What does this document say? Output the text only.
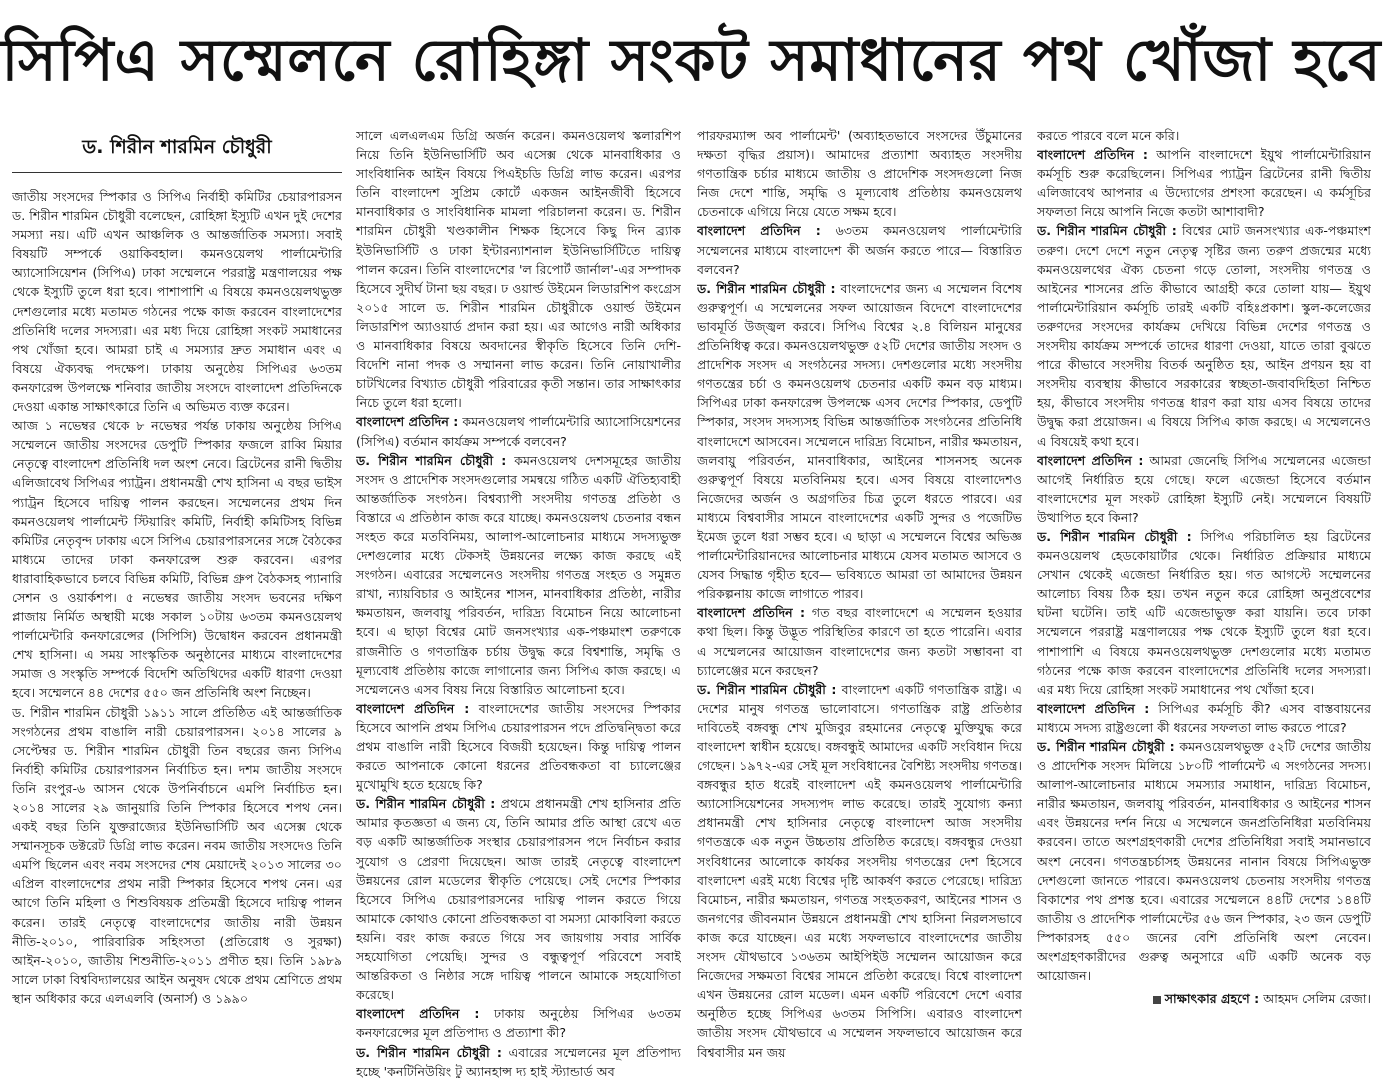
সিপিএ সম্মেলনে রোহিঙ্গা সংকট সমাধানের পথ খোঁজা হবে
ড. শিরীন শারমিন চৌধুরী

জাতীয় সংসদের স্পিকার ও সিপিএ নির্বাহী কমিটির চেয়ারপারসন ড. শিরীন শারমিন চৌধুরী বলেছেন, রোহিঙ্গা ইস্যুটি এখন দুই দেশের সমস্যা নয়। এটি এখন আঞ্চলিক ও আন্তর্জাতিক সমস্যা। সবাই বিষয়টি সম্পর্কে ওয়াকিবহাল। কমনওয়েলথ পার্লামেন্টারি অ্যাসোসিয়েশন (সিপিএ) ঢাকা সম্মেলনে পররাষ্ট্র মন্ত্রণালয়ের পক্ষ থেকে ইস্যুটি তুলে ধরা হবে। পাশাপাশি এ বিষয়ে কমনওয়েলথভুক্ত দেশগুলোর মধ্যে মতামত গঠনের পক্ষে কাজ করবেন বাংলাদেশের প্রতিনিধি দলের সদস্যরা। এর মধ্য দিয়ে রোহিঙ্গা সংকট সমাধানের পথ খোঁজা হবে। আমরা চাই এ সমস্যার দ্রুত সমাধান এবং এ বিষয়ে ঐক্যবদ্ধ পদক্ষেপ। ঢাকায় অনুষ্ঠেয় সিপিএর ৬৩তম কনফারেন্স উপলক্ষে শনিবার জাতীয় সংসদে বাংলাদেশ প্রতিদিনকে দেওয়া একান্ত সাক্ষাৎকারে তিনি এ অভিমত ব্যক্ত করেন।

আজ ১ নভেম্বর থেকে ৮ নভেম্বর পর্যন্ত ঢাকায় অনুষ্ঠেয় সিপিএ সম্মেলনে জাতীয় সংসদের ডেপুটি স্পিকার ফজলে রাব্বি মিয়ার নেতৃত্বে বাংলাদেশ প্রতিনিধি দল অংশ নেবে। ব্রিটেনের রানী দ্বিতীয় এলিজাবেথ সিপিএর প্যাট্রন। প্রধানমন্ত্রী শেখ হাসিনা এ বছর ভাইস প্যাট্রন হিসেবে দায়িত্ব পালন করছেন। সম্মেলনের প্রথম দিন কমনওয়েলথ পার্লামেন্ট স্টিয়ারিং কমিটি, নির্বাহী কমিটিসহ বিভিন্ন কমিটির নেতৃবৃন্দ ঢাকায় এসে সিপিএ চেয়ারপারসনের সঙ্গে বৈঠকের মাধ্যমে তাদের ঢাকা কনফারেন্স শুরু করবেন। এরপর ধারাবাহিকভাবে চলবে বিভিন্ন কমিটি, বিভিন্ন গ্রুপ বৈঠকসহ প্যানারি সেশন ও ওয়ার্কশপ। ৫ নভেম্বর জাতীয় সংসদ ভবনের দক্ষিণ প্লাজায় নির্মিত অস্থায়ী মঞ্চে সকাল ১০টায় ৬৩তম কমনওয়েলথ পার্লামেন্টারি কনফারেন্সের (সিপিসি) উদ্বোধন করবেন প্রধানমন্ত্রী শেখ হাসিনা। এ সময় সাংস্কৃতিক অনুষ্ঠানের মাধ্যমে বাংলাদেশের সমাজ ও সংস্কৃতি সম্পর্কে বিদেশি অতিথিদের একটি ধারণা দেওয়া হবে। সম্মেলনে ৪৪ দেশের ৫৫০ জন প্রতিনিধি অংশ নিচ্ছেন।

ড. শিরীন শারমিন চৌধুরী ১৯১১ সালে প্রতিষ্ঠিত এই আন্তর্জাতিক সংগঠনের প্রথম বাঙালি নারী চেয়ারপারসন। ২০১৪ সালের ৯ সেপ্টেম্বর ড. শিরীন শারমিন চৌধুরী তিন বছরের জন্য সিপিএ নির্বাহী কমিটির চেয়ারপারসন নির্বাচিত হন। দশম জাতীয় সংসদে তিনি রংপুর-৬ আসন থেকে উপনির্বাচনে এমপি নির্বাচিত হন। ২০১৪ সালের ২৯ জানুয়ারি তিনি স্পিকার হিসেবে শপথ নেন। একই বছর তিনি যুক্তরাজ্যের ইউনিভার্সিটি অব এসেক্স থেকে সম্মানসূচক ডক্টরেট ডিগ্রি লাভ করেন। নবম জাতীয় সংসদেও তিনি এমপি ছিলেন এবং নবম সংসদের শেষ মেয়াদেই ২০১৩ সালের ৩০ এপ্রিল বাংলাদেশের প্রথম নারী স্পিকার হিসেবে শপথ নেন। এর আগে তিনি মহিলা ও শিশুবিষয়ক প্রতিমন্ত্রী হিসেবে দায়িত্ব পালন করেন। তারই নেতৃত্বে বাংলাদেশের জাতীয় নারী উন্নয়ন নীতি-২০১০, পারিবারিক সহিংসতা (প্রতিরোধ ও সুরক্ষা) আইন-২০১০, জাতীয় শিশুনীতি-২০১১ প্রণীত হয়। তিনি ১৯৮৯ সালে ঢাকা বিশ্ববিদ্যালয়ের আইন অনুষদ থেকে প্রথম শ্রেণিতে প্রথম স্থান অধিকার করে এলএলবি (অনার্স) ও ১৯৯০

সালে এলএলএম ডিগ্রি অর্জন করেন। কমনওয়েলথ স্কলারশিপ নিয়ে তিনি ইউনিভার্সিটি অব এসেক্স থেকে মানবাধিকার ও সাংবিধানিক আইন বিষয়ে পিএইচডি ডিগ্রি লাভ করেন। এরপর তিনি বাংলাদেশ সুপ্রিম কোর্টে একজন আইনজীবী হিসেবে মানবাধিকার ও সাংবিধানিক মামলা পরিচালনা করেন। ড. শিরীন শারমিন চৌধুরী খণ্ডকালীন শিক্ষক হিসেবে কিছু দিন ব্র্যাক ইউনিভার্সিটি ও ঢাকা ইন্টারন্যাশনাল ইউনিভার্সিটিতে দায়িত্ব পালন করেন। তিনি বাংলাদেশের 'ল রিপোর্ট জার্নাল'-এর সম্পাদক হিসেবে সুদীর্ঘ টানা ছয় বছর। ঢ ওয়ার্ল্ড উইমেন লিডারশিপ কংগ্রেস ২০১৫ সালে ড. শিরীন শারমিন চৌধুরীকে ওয়ার্ল্ড উইমেন লিডারশিপ অ্যাওয়ার্ড প্রদান করা হয়। এর আগেও নারী অধিকার ও মানবাধিকার বিষয়ে অবদানের স্বীকৃতি হিসেবে তিনি দেশি-বিদেশি নানা পদক ও সম্মাননা লাভ করেন। তিনি নোয়াখালীর চাটখিলের বিখ্যাত চৌধুরী পরিবারের কৃতী সন্তান। তার সাক্ষাৎকার নিচে তুলে ধরা হলো।

বাংলাদেশ প্রতিদিন : কমনওয়েলথ পার্লামেন্টারি অ্যাসোসিয়েশনের (সিপিএ) বর্তমান কার্যক্রম সম্পর্কে বলবেন?

ড. শিরীন শারমিন চৌধুরী : কমনওয়েলথ দেশসমূহের জাতীয় সংসদ ও প্রাদেশিক সংসদগুলোর সমন্বয়ে গঠিত একটি ঐতিহ্যবাহী আন্তর্জাতিক সংগঠন। বিশ্বব্যাপী সংসদীয় গণতন্ত্র প্রতিষ্ঠা ও বিস্তারে এ প্রতিষ্ঠান কাজ করে যাচ্ছে। কমনওয়েলথ চেতনার বন্ধন সংহত করে মতবিনিময়, আলাপ-আলোচনার মাধ্যমে সদস্যভুক্ত দেশগুলোর মধ্যে টেকসই উন্নয়নের লক্ষ্যে কাজ করছে এই সংগঠন। এবারের সম্মেলনেও সংসদীয় গণতন্ত্র সংহত ও সমুন্নত রাখা, ন্যায়বিচার ও আইনের শাসন, মানবাধিকার প্রতিষ্ঠা, নারীর ক্ষমতায়ন, জলবায়ু পরিবর্তন, দারিদ্র্য বিমোচন নিয়ে আলোচনা হবে। এ ছাড়া বিশ্বের মোট জনসংখ্যার এক-পঞ্চমাংশ তরুণকে রাজনীতি ও গণতান্ত্রিক চর্চায় উদ্বুদ্ধ করে বিশ্বশান্তি, সমৃদ্ধি ও মূল্যবোধ প্রতিষ্ঠায় কাজে লাগানোর জন্য সিপিএ কাজ করছে। এ সম্মেলনেও এসব বিষয় নিয়ে বিস্তারিত আলোচনা হবে।

বাংলাদেশ প্রতিদিন : বাংলাদেশের জাতীয় সংসদের স্পিকার হিসেবে আপনি প্রথম সিপিএ চেয়ারপারসন পদে প্রতিদ্বন্দ্বিতা করে প্রথম বাঙালি নারী হিসেবে বিজয়ী হয়েছেন। কিন্তু দায়িত্ব পালন করতে আপনাকে কোনো ধরনের প্রতিবন্ধকতা বা চ্যালেঞ্জের মুখোমুখি হতে হয়েছে কি?

ড. শিরীন শারমিন চৌধুরী : প্রথমে প্রধানমন্ত্রী শেখ হাসিনার প্রতি আমার কৃতজ্ঞতা এ জন্য যে, তিনি আমার প্রতি আস্থা রেখে এত বড় একটি আন্তর্জাতিক সংস্থার চেয়ারপারসন পদে নির্বাচন করার সুযোগ ও প্রেরণা দিয়েছেন। আজ তারই নেতৃত্বে বাংলাদেশ উন্নয়নের রোল মডেলের স্বীকৃতি পেয়েছে। সেই দেশের স্পিকার হিসেবে সিপিএ চেয়ারপারসনের দায়িত্ব পালন করতে গিয়ে আমাকে কোথাও কোনো প্রতিবন্ধকতা বা সমস্যা মোকাবিলা করতে হয়নি। বরং কাজ করতে গিয়ে সব জায়গায় সবার সার্বিক সহযোগিতা পেয়েছি। সুন্দর ও বন্ধুত্বপূর্ণ পরিবেশে সবাই আন্তরিকতা ও নিষ্ঠার সঙ্গে দায়িত্ব পালনে আমাকে সহযোগিতা করেছে।

বাংলাদেশ প্রতিদিন : ঢাকায় অনুষ্ঠেয় সিপিএর ৬৩তম কনফারেন্সের মূল প্রতিপাদ্য ও প্রত্যাশা কী?

ড. শিরীন শারমিন চৌধুরী : এবারের সম্মেলনের মূল প্রতিপাদ্য হচ্ছে 'কনটিনিউয়িং টু অ্যানহান্স দ্য হাই স্ট্যান্ডার্ড অব

পারফরম্যান্স অব পার্লামেন্ট' (অব্যাহতভাবে সংসদের উঁচুমানের দক্ষতা বৃদ্ধির প্রয়াস)। আমাদের প্রত্যাশা অব্যাহত সংসদীয় গণতান্ত্রিক চর্চার মাধ্যমে জাতীয় ও প্রাদেশিক সংসদগুলো নিজ নিজ দেশে শান্তি, সমৃদ্ধি ও মূল্যবোধ প্রতিষ্ঠায় কমনওয়েলথ চেতনাকে এগিয়ে নিয়ে যেতে সক্ষম হবে।

বাংলাদেশ প্রতিদিন : ৬৩তম কমনওয়েলথ পার্লামেন্টারি সম্মেলনের মাধ্যমে বাংলাদেশ কী অর্জন করতে পারে— বিস্তারিত বলবেন?

ড. শিরীন শারমিন চৌধুরী : বাংলাদেশের জন্য এ সম্মেলন বিশেষ গুরুত্বপূর্ণ। এ সম্মেলনের সফল আয়োজন বিদেশে বাংলাদেশের ভাবমূর্তি উজ্জ্বল করবে। সিপিএ বিশ্বের ২.৪ বিলিয়ন মানুষের প্রতিনিধিত্ব করে। কমনওয়েলথভুক্ত ৫২টি দেশের জাতীয় সংসদ ও প্রাদেশিক সংসদ এ সংগঠনের সদস্য। দেশগুলোর মধ্যে সংসদীয় গণতন্ত্রের চর্চা ও কমনওয়েলথ চেতনার একটি কমন বড় মাধ্যম। সিপিএর ঢাকা কনফারেন্স উপলক্ষে এসব দেশের স্পিকার, ডেপুটি স্পিকার, সংসদ সদস্যসহ বিভিন্ন আন্তর্জাতিক সংগঠনের প্রতিনিধি বাংলাদেশে আসবেন। সম্মেলনে দারিদ্র্য বিমোচন, নারীর ক্ষমতায়ন, জলবায়ু পরিবর্তন, মানবাধিকার, আইনের শাসনসহ অনেক গুরুত্বপূর্ণ বিষয়ে মতবিনিময় হবে। এসব বিষয়ে বাংলাদেশও নিজেদের অর্জন ও অগ্রগতির চিত্র তুলে ধরতে পারবে। এর মাধ্যমে বিশ্ববাসীর সামনে বাংলাদেশের একটি সুন্দর ও পজেটিভ ইমেজ তুলে ধরা সম্ভব হবে। এ ছাড়া এ সম্মেলনে বিশ্বের অভিজ্ঞ পার্লামেন্টারিয়ানদের আলোচনার মাধ্যমে যেসব মতামত আসবে ও যেসব সিদ্ধান্ত গৃহীত হবে— ভবিষ্যতে আমরা তা আমাদের উন্নয়ন পরিকল্পনায় কাজে লাগাতে পারব।

বাংলাদেশ প্রতিদিন : গত বছর বাংলাদেশে এ সম্মেলন হওয়ার কথা ছিল। কিন্তু উদ্ভূত পরিস্থিতির কারণে তা হতে পারেনি। এবার এ সম্মেলনের আয়োজন বাংলাদেশের জন্য কতটা সম্ভাবনা বা চ্যালেঞ্জের মনে করছেন?

ড. শিরীন শারমিন চৌধুরী : বাংলাদেশ একটি গণতান্ত্রিক রাষ্ট্র। এ দেশের মানুষ গণতন্ত্র ভালোবাসে। গণতান্ত্রিক রাষ্ট্র প্রতিষ্ঠার দাবিতেই বঙ্গবন্ধু শেখ মুজিবুর রহমানের নেতৃত্বে মুক্তিযুদ্ধ করে বাংলাদেশ স্বাধীন হয়েছে। বঙ্গবন্ধুই আমাদের একটি সংবিধান দিয়ে গেছেন। ১৯৭২-এর সেই মূল সংবিধানের বৈশিষ্ট্য সংসদীয় গণতন্ত্র। বঙ্গবন্ধুর হাত ধরেই বাংলাদেশ এই কমনওয়েলথ পার্লামেন্টারি অ্যাসোসিয়েশনের সদস্যপদ লাভ করেছে। তারই সুযোগ্য কন্যা প্রধানমন্ত্রী শেখ হাসিনার নেতৃত্বে বাংলাদেশ আজ সংসদীয় গণতন্ত্রকে এক নতুন উচ্চতায় প্রতিষ্ঠিত করেছে। বঙ্গবন্ধুর দেওয়া সংবিধানের আলোকে কার্যকর সংসদীয় গণতন্ত্রের দেশ হিসেবে বাংলাদেশ এরই মধ্যে বিশ্বের দৃষ্টি আকর্ষণ করতে পেরেছে। দারিদ্র্য বিমোচন, নারীর ক্ষমতায়ন, গণতন্ত্র সংহতকরণ, আইনের শাসন ও জনগণের জীবনমান উন্নয়নে প্রধানমন্ত্রী শেখ হাসিনা নিরলসভাবে কাজ করে যাচ্ছেন। এর মধ্যে সফলভাবে বাংলাদেশের জাতীয় সংসদ যৌথভাবে ১৩৬তম আইপিইউ সম্মেলন আয়োজন করে নিজেদের সক্ষমতা বিশ্বের সামনে প্রতিষ্ঠা করেছে। বিশ্বে বাংলাদেশ এখন উন্নয়নের রোল মডেল। এমন একটি পরিবেশে দেশে এবার অনুষ্ঠিত হচ্ছে সিপিএর ৬৩তম সিপিসি। এবারও বাংলাদেশ জাতীয় সংসদ যৌথভাবে এ সম্মেলন সফলভাবে আয়োজন করে বিশ্ববাসীর মন জয়

করতে পারবে বলে মনে করি।

বাংলাদেশ প্রতিদিন : আপনি বাংলাদেশে ইয়ুথ পার্লামেন্টারিয়ান কর্মসূচি শুরু করেছিলেন। সিপিএর প্যাট্রন ব্রিটেনের রানী দ্বিতীয় এলিজাবেথ আপনার এ উদ্যোগের প্রশংসা করেছেন। এ কর্মসূচির সফলতা নিয়ে আপনি নিজে কতটা আশাবাদী?

ড. শিরীন শারমিন চৌধুরী : বিশ্বের মোট জনসংখ্যার এক-পঞ্চমাংশ তরুণ। দেশে দেশে নতুন নেতৃত্ব সৃষ্টির জন্য তরুণ প্রজন্মের মধ্যে কমনওয়েলথের ঐক্য চেতনা গড়ে তোলা, সংসদীয় গণতন্ত্র ও আইনের শাসনের প্রতি কীভাবে আগ্রহী করে তোলা যায়— ইয়ুথ পার্লামেন্টারিয়ান কর্মসূচি তারই একটি বহিঃপ্রকাশ। স্কুল-কলেজের তরুণদের সংসদের কার্যক্রম দেখিয়ে বিভিন্ন দেশের গণতন্ত্র ও সংসদীয় কার্যক্রম সম্পর্কে তাদের ধারণা দেওয়া, যাতে তারা বুঝতে পারে কীভাবে সংসদীয় বিতর্ক অনুষ্ঠিত হয়, আইন প্রণয়ন হয় বা সংসদীয় ব্যবস্থায় কীভাবে সরকারের স্বচ্ছতা-জবাবদিহিতা নিশ্চিত হয়, কীভাবে সংসদীয় গণতন্ত্র ধারণ করা যায় এসব বিষয়ে তাদের উদ্বুদ্ধ করা প্রয়োজন। এ বিষয়ে সিপিএ কাজ করছে। এ সম্মেলনেও এ বিষয়েই কথা হবে।

বাংলাদেশ প্রতিদিন : আমরা জেনেছি সিপিএ সম্মেলনের এজেন্ডা আগেই নির্ধারিত হয়ে গেছে। ফলে এজেন্ডা হিসেবে বর্তমান বাংলাদেশের মূল সংকট রোহিঙ্গা ইস্যুটি নেই। সম্মেলনে বিষয়টি উত্থাপিত হবে কিনা?

ড. শিরীন শারমিন চৌধুরী : সিপিএ পরিচালিত হয় ব্রিটেনের কমনওয়েলথ হেডকোয়ার্টার থেকে। নির্ধারিত প্রক্রিয়ার মাধ্যমে সেখান থেকেই এজেন্ডা নির্ধারিত হয়। গত আগস্টে সম্মেলনের আলোচ্য বিষয় ঠিক হয়। তখন নতুন করে রোহিঙ্গা অনুপ্রবেশের ঘটনা ঘটেনি। তাই এটি এজেন্ডাভুক্ত করা যায়নি। তবে ঢাকা সম্মেলনে পররাষ্ট্র মন্ত্রণালয়ের পক্ষ থেকে ইস্যুটি তুলে ধরা হবে। পাশাপাশি এ বিষয়ে কমনওয়েলথভুক্ত দেশগুলোর মধ্যে মতামত গঠনের পক্ষে কাজ করবেন বাংলাদেশের প্রতিনিধি দলের সদস্যরা। এর মধ্য দিয়ে রোহিঙ্গা সংকট সমাধানের পথ খোঁজা হবে।

বাংলাদেশ প্রতিদিন : সিপিএর কর্মসূচি কী? এসব বাস্তবায়নের মাধ্যমে সদস্য রাষ্ট্রগুলো কী ধরনের সফলতা লাভ করতে পারে?

ড. শিরীন শারমিন চৌধুরী : কমনওয়েলথভুক্ত ৫২টি দেশের জাতীয় ও প্রাদেশিক সংসদ মিলিয়ে ১৮০টি পার্লামেন্ট এ সংগঠনের সদস্য। আলাপ-আলোচনার মাধ্যমে সমস্যার সমাধান, দারিদ্র্য বিমোচন, নারীর ক্ষমতায়ন, জলবায়ু পরিবর্তন, মানবাধিকার ও আইনের শাসন এবং উন্নয়নের দর্শন নিয়ে এ সম্মেলনে জনপ্রতিনিধিরা মতবিনিময় করবেন। তাতে অংশগ্রহণকারী দেশের প্রতিনিধিরা সবাই সমানভাবে অংশ নেবেন। গণতন্ত্রচর্চাসহ উন্নয়নের নানান বিষয়ে সিপিএভুক্ত দেশগুলো জানতে পারবে। কমনওয়েলথ চেতনায় সংসদীয় গণতন্ত্র বিকাশের পথ প্রশস্ত হবে। এবারের সম্মেলনে ৪৪টি দেশের ১৪৪টি জাতীয় ও প্রাদেশিক পার্লামেন্টের ৫৬ জন স্পিকার, ২৩ জন ডেপুটি স্পিকারসহ ৫৫০ জনের বেশি প্রতিনিধি অংশ নেবেন। অংশগ্রহণকারীদের গুরুত্ব অনুসারে এটি একটি অনেক বড় আয়োজন।

সাক্ষাৎকার গ্রহণে : আহমদ সেলিম রেজা।
